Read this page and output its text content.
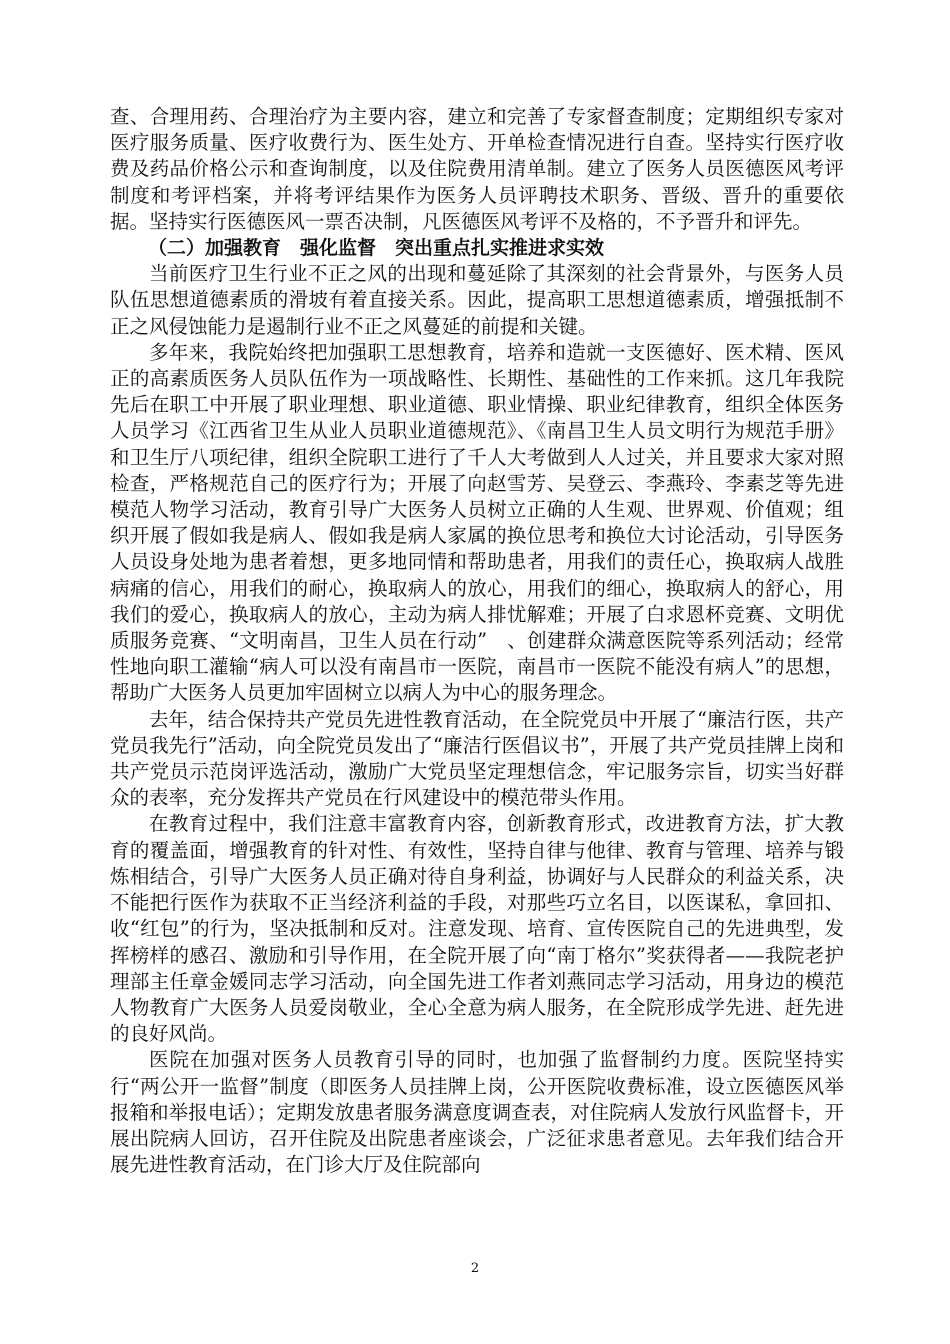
查、合理用药、合理治疗为主要内容，建立和完善了专家督查制度；定期组织专家对医疗服务质量、医疗收费行为、医生处方、开单检查情况进行自查。坚持实行医疗收费及药品价格公示和查询制度，以及住院费用清单制。建立了医务人员医德医风考评制度和考评档案，并将考评结果作为医务人员评聘技术职务、晋级、晋升的重要依据。坚持实行医德医风一票否决制，凡医德医风考评不及格的，不予晋升和评先。

（二）加强教育　强化监督　突出重点扎实推进求实效

当前医疗卫生行业不正之风的出现和蔓延除了其深刻的社会背景外，与医务人员队伍思想道德素质的滑坡有着直接关系。因此，提高职工思想道德素质，增强抵制不正之风侵蚀能力是遏制行业不正之风蔓延的前提和关键。

多年来，我院始终把加强职工思想教育，培养和造就一支医德好、医术精、医风正的高素质医务人员队伍作为一项战略性、长期性、基础性的工作来抓。这几年我院先后在职工中开展了职业理想、职业道德、职业情操、职业纪律教育，组织全体医务人员学习《江西省卫生从业人员职业道德规范》、《南昌卫生人员文明行为规范手册》和卫生厅八项纪律，组织全院职工进行了千人大考做到人人过关，并且要求大家对照检查，严格规范自己的医疗行为；开展了向赵雪芳、吴登云、李燕玲、李素芝等先进模范人物学习活动，教育引导广大医务人员树立正确的人生观、世界观、价值观；组织开展了假如我是病人、假如我是病人家属的换位思考和换位大讨论活动，引导医务人员设身处地为患者着想，更多地同情和帮助患者，用我们的责任心，换取病人战胜病痛的信心，用我们的耐心，换取病人的放心，用我们的细心，换取病人的舒心，用我们的爱心，换取病人的放心，主动为病人排忧解难；开展了白求恩杯竞赛、文明优质服务竞赛、“文明南昌，卫生人员在行动”　、创建群众满意医院等系列活动；经常性地向职工灌输“病人可以没有南昌市一医院，南昌市一医院不能没有病人”的思想，帮助广大医务人员更加牢固树立以病人为中心的服务理念。

去年，结合保持共产党员先进性教育活动，在全院党员中开展了“廉洁行医，共产党员我先行”活动，向全院党员发出了“廉洁行医倡议书”，开展了共产党员挂牌上岗和共产党员示范岗评选活动，激励广大党员坚定理想信念，牢记服务宗旨，切实当好群众的表率，充分发挥共产党员在行风建设中的模范带头作用。

在教育过程中，我们注意丰富教育内容，创新教育形式，改进教育方法，扩大教育的覆盖面，增强教育的针对性、有效性，坚持自律与他律、教育与管理、培养与锻炼相结合，引导广大医务人员正确对待自身利益，协调好与人民群众的利益关系，决不能把行医作为获取不正当经济利益的手段，对那些巧立名目，以医谋私，拿回扣、收“红包”的行为，坚决抵制和反对。注意发现、培育、宣传医院自己的先进典型，发挥榜样的感召、激励和引导作用，在全院开展了向“南丁格尔”奖获得者——我院老护理部主任章金媛同志学习活动，向全国先进工作者刘燕同志学习活动，用身边的模范人物教育广大医务人员爱岗敬业，全心全意为病人服务，在全院形成学先进、赶先进的良好风尚。

医院在加强对医务人员教育引导的同时，也加强了监督制约力度。医院坚持实行“两公开一监督”制度（即医务人员挂牌上岗，公开医院收费标准，设立医德医风举报箱和举报电话）；定期发放患者服务满意度调查表，对住院病人发放行风监督卡，开展出院病人回访，召开住院及出院患者座谈会，广泛征求患者意见。去年我们结合开展先进性教育活动，在门诊大厅及住院部向

2
